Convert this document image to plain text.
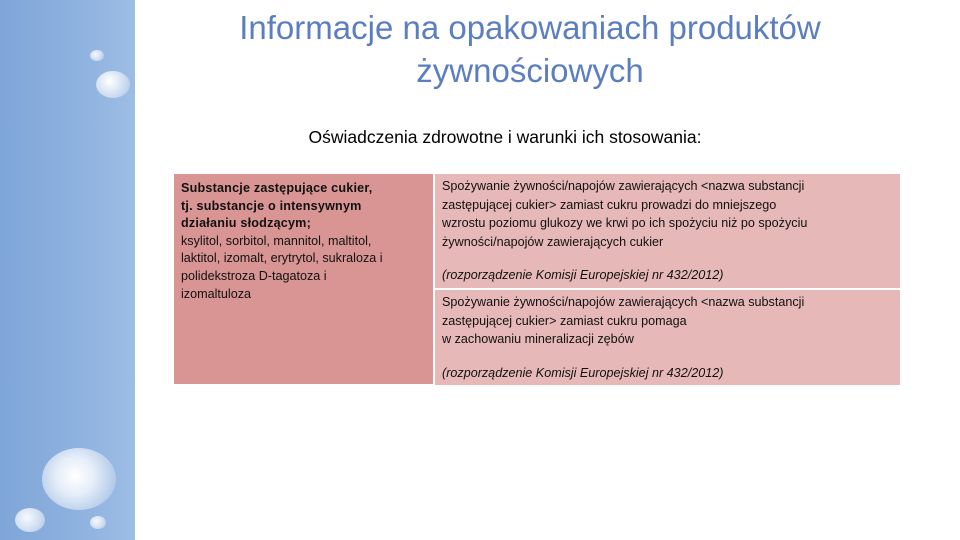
Informacje na opakowaniach produktów
żywnościowych
Oświadczenia zdrowotne i warunki ich stosowania:
Substancje zastępujące cukier,
tj. substancje o intensywnym
działaniu słodzącym;
ksylitol, sorbitol, mannitol, maltitol,
laktitol, izomalt, erytrytol, sukraloza i
polidekstroza D-tagatoza i
izomaltuloza
Spożywanie żywności/napojów zawierających <nazwa substancji
zastępującej cukier> zamiast cukru prowadzi do mniejszego
wzrostu poziomu glukozy we krwi po ich spożyciu niż po spożyciu
żywności/napojów zawierających cukier
(rozporządzenie Komisji Europejskiej nr 432/2012)
Spożywanie żywności/napojów zawierających <nazwa substancji
zastępującej cukier> zamiast cukru pomaga
w zachowaniu mineralizacji zębów
(rozporządzenie Komisji Europejskiej nr 432/2012)
